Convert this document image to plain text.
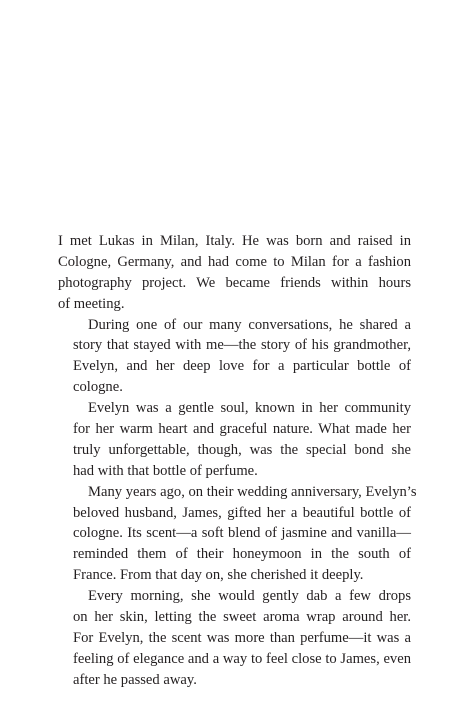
I met Lukas in Milan, Italy. He was born and raised in
Cologne, Germany, and had come to Milan for a fashion
photography project. We became friends within hours
of meeting.

During one of our many conversations, he shared a
story that stayed with me—the story of his grandmother,
Evelyn, and her deep love for a particular bottle of
cologne.

Evelyn was a gentle soul, known in her community
for her warm heart and graceful nature. What made her
truly unforgettable, though, was the special bond she
had with that bottle of perfume.

Many years ago, on their wedding anniversary, Evelyn’s
beloved husband, James, gifted her a beautiful bottle of
cologne. Its scent—a soft blend of jasmine and vanilla—
reminded them of their honeymoon in the south of
France. From that day on, she cherished it deeply.

Every morning, she would gently dab a few drops
on her skin, letting the sweet aroma wrap around her.
For Evelyn, the scent was more than perfume—it was a
feeling of elegance and a way to feel close to James, even
after he passed away.
